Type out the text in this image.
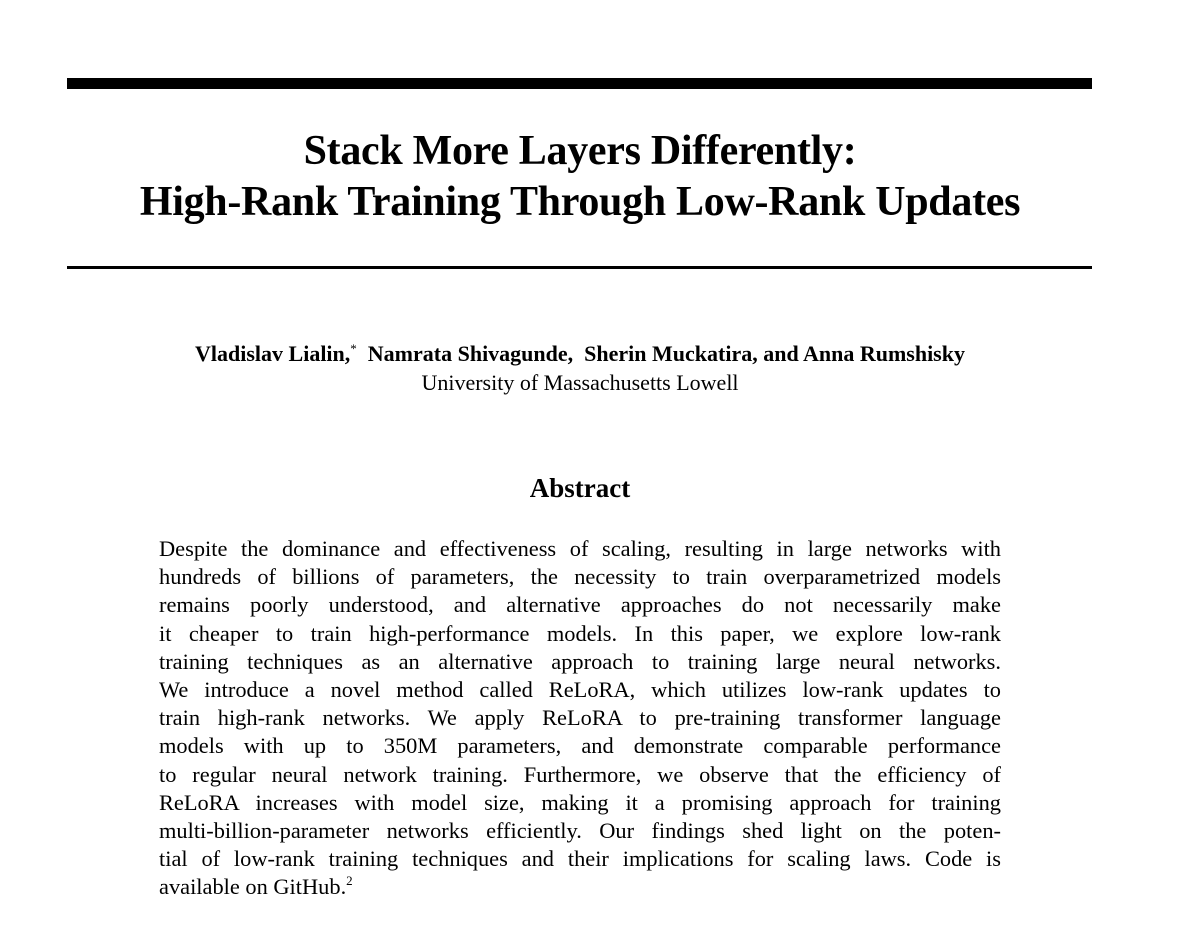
Stack More Layers Differently:
High-Rank Training Through Low-Rank Updates
Vladislav Lialin,* Namrata Shivagunde, Sherin Muckatira, and Anna Rumshisky
University of Massachusetts Lowell
Abstract
Despite the dominance and effectiveness of scaling, resulting in large networks with
hundreds of billions of parameters, the necessity to train overparametrized models
remains poorly understood, and alternative approaches do not necessarily make
it cheaper to train high-performance models. In this paper, we explore low-rank
training techniques as an alternative approach to training large neural networks.
We introduce a novel method called ReLoRA, which utilizes low-rank updates to
train high-rank networks. We apply ReLoRA to pre-training transformer language
models with up to 350M parameters, and demonstrate comparable performance
to regular neural network training. Furthermore, we observe that the efficiency of
ReLoRA increases with model size, making it a promising approach for training
multi-billion-parameter networks efficiently. Our findings shed light on the poten-
tial of low-rank training techniques and their implications for scaling laws. Code is
available on GitHub.$^2$
